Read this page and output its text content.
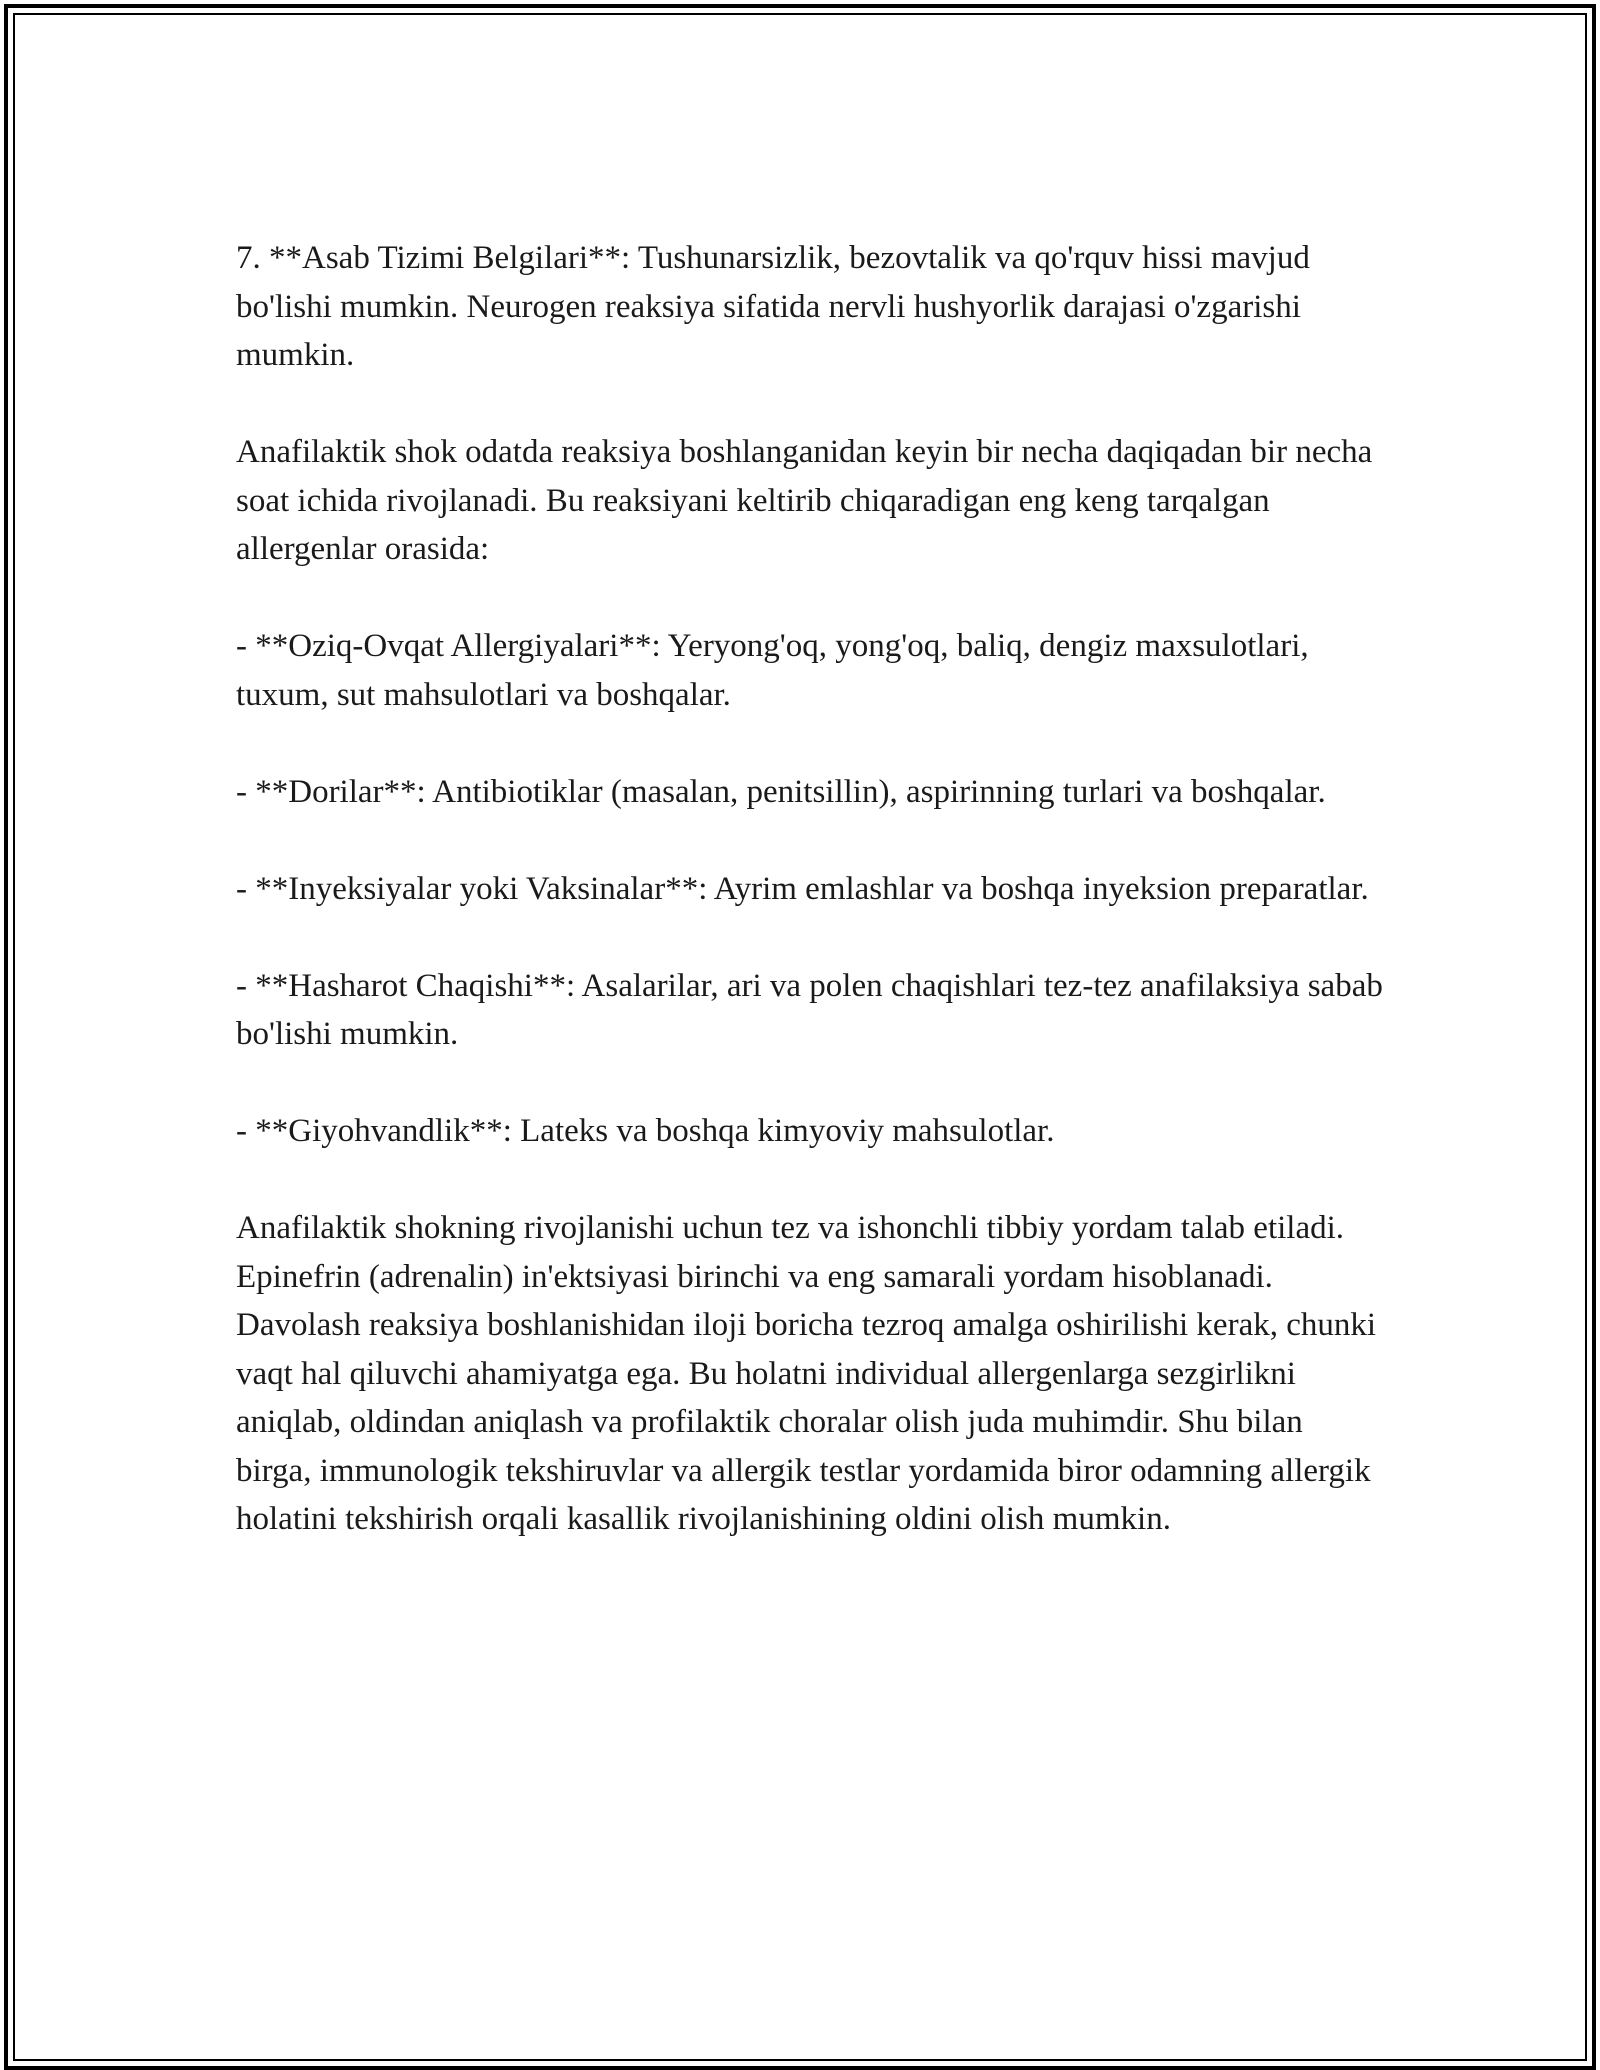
7. **Asab Tizimi Belgilari**: Tushunarsizlik, bezovtalik va qo'rquv hissi mavjud bo'lishi mumkin. Neurogen reaksiya sifatida nervli hushyorlik darajasi o'zgarishi mumkin.

Anafilaktik shok odatda reaksiya boshlanganidan keyin bir necha daqiqadan bir necha soat ichida rivojlanadi. Bu reaksiyani keltirib chiqaradigan eng keng tarqalgan allergenlar orasida:

- **Oziq-Ovqat Allergiyalari**: Yeryong'oq, yong'oq, baliq, dengiz maxsulotlari, tuxum, sut mahsulotlari va boshqalar.

- **Dorilar**: Antibiotiklar (masalan, penitsillin), aspirinning turlari va boshqalar.

- **Inyeksiyalar yoki Vaksinalar**: Ayrim emlashlar va boshqa inyeksion preparatlar.

- **Hasharot Chaqishi**: Asalarilar, ari va polen chaqishlari tez-tez anafilaksiya sabab bo'lishi mumkin.

- **Giyohvandlik**: Lateks va boshqa kimyoviy mahsulotlar.

Anafilaktik shokning rivojlanishi uchun tez va ishonchli tibbiy yordam talab etiladi. Epinefrin (adrenalin) in'ektsiyasi birinchi va eng samarali yordam hisoblanadi. Davolash reaksiya boshlanishidan iloji boricha tezroq amalga oshirilishi kerak, chunki vaqt hal qiluvchi ahamiyatga ega. Bu holatni individual allergenlarga sezgirlikni aniqlab, oldindan aniqlash va profilaktik choralar olish juda muhimdir. Shu bilan birga, immunologik tekshiruvlar va allergik testlar yordamida biror odamning allergik holatini tekshirish orqali kasallik rivojlanishining oldini olish mumkin.
